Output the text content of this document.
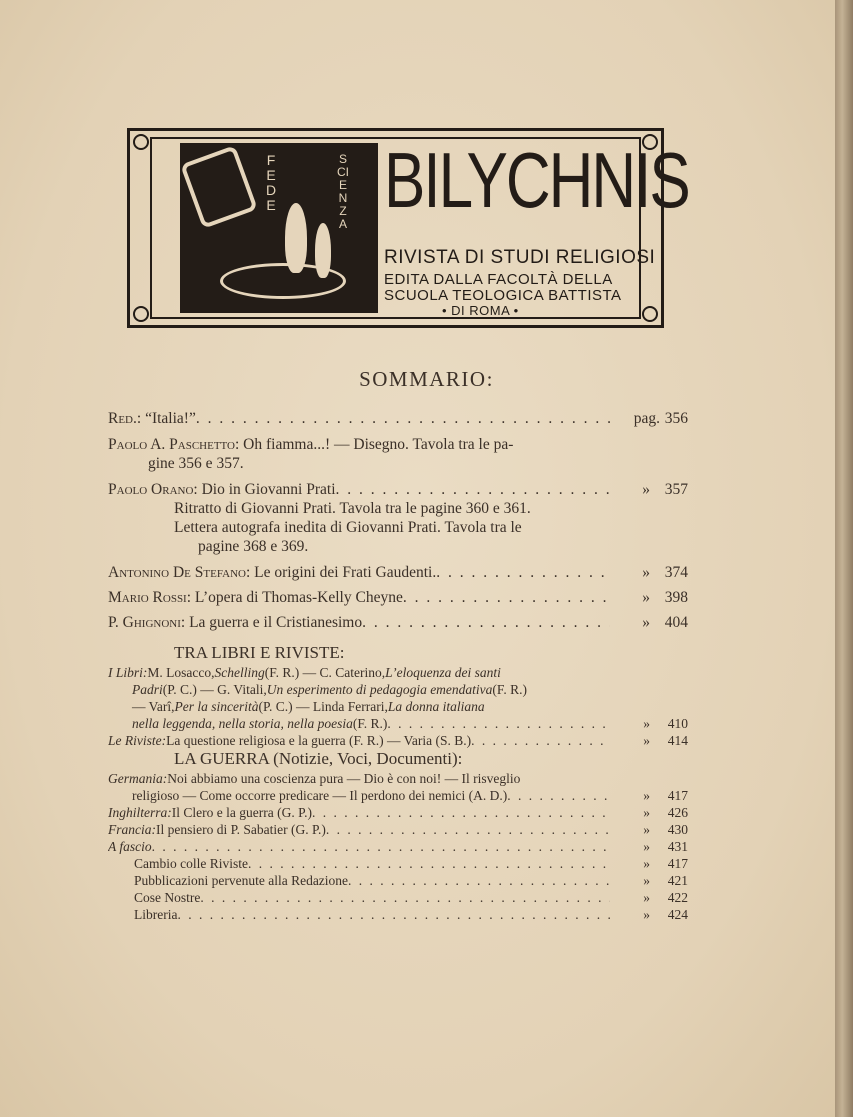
FEDE
SCIENZA BILYCHNIS
RIVISTA DI STUDI RELIGIOSI
EDITA DALLA FACOLTÀ DELLA
SCUOLA TEOLOGICA BATTISTA
• DI ROMA •
SOMMARIO:
Red. : “Italia!” . . .	pag. 356
Paolo A. Paschetto : Oh fiamma...! — Disegno. Tavola tra le pa-
gine 356 e 357.
Paolo Orano : Dio in Giovanni Prati . . .	» 357
Ritratto di Giovanni Prati. Tavola tra le pagine 360 e 361.
Lettera autografa inedita di Giovanni Prati. Tavola tra le
pagine 368 e 369.
Antonino De Stefano : Le origini dei Frati Gaudenti. . . .	» 374
Mario Rossi : L’opera di Thomas-Kelly Cheyne . . .	» 398
P. Ghignoni : La guerra e il Cristianesimo . . .	» 404
TRA LIBRI E RIVISTE:
I Libri: M. Losacco, Schelling (F. R.) — C. Caterino, L’eloquenza dei santi
Padri (P. C.) — G. Vitali, Un esperimento di pedagogia emendativa (F. R.)
— Varî, Per la sincerità (P. C.) — Linda Ferrari, La donna italiana
nella leggenda, nella storia, nella poesia (F. R.) . . .	»	410
Le Riviste: La questione religiosa e la guerra (F. R.) — Varia (S. B.) . . .	»	414
LA GUERRA (Notizie, Voci, Documenti):
Germania: Noi abbiamo una coscienza pura — Dio è con noi! — Il risveglio
religioso — Come occorre predicare — Il perdono dei nemici (A. D.) . . .	»	417
Inghilterra: Il Clero e la guerra (G. P.) . . .	»	426
Francia: Il pensiero di P. Sabatier (G. P.) . . .	»	430
A fascio . . .	»	431
Cambio colle Riviste . . .	»	417
Pubblicazioni pervenute alla Redazione . . .	»	421
Cose Nostre . . .	»	422
Libreria . . .	»	424
